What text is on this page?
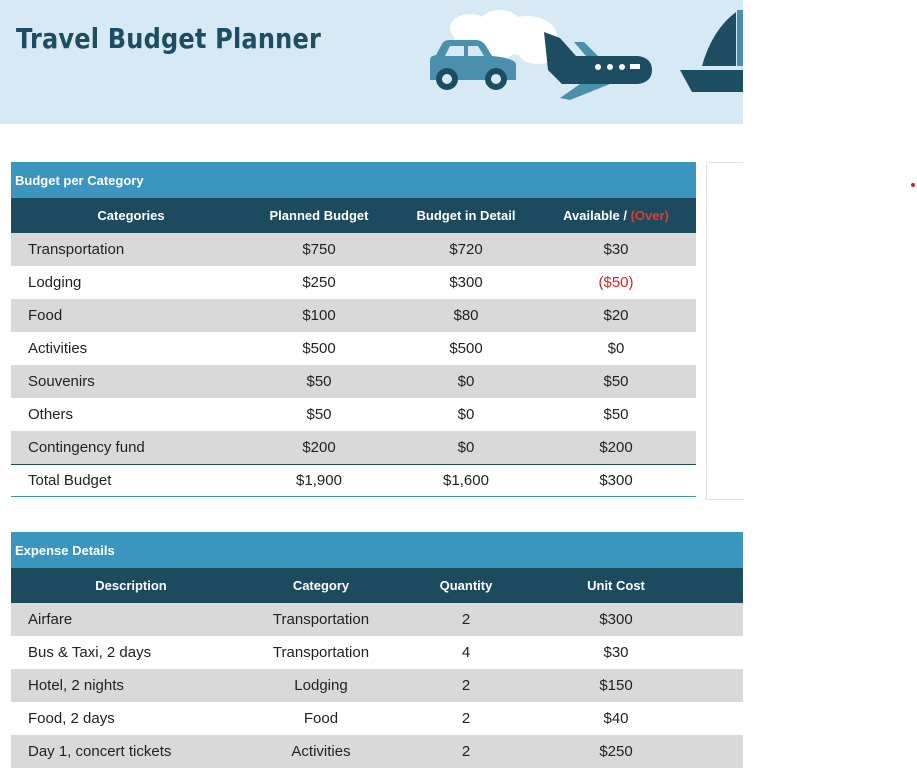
Travel Budget Planner
Budget per Category
Categories	Planned Budget	Budget in Detail	Available / (Over)
Transportation	$750	$720	$30
Lodging	$250	$300	($50)
Food	$100	$80	$20
Activities	$500	$500	$0
Souvenirs	$50	$0	$50
Others	$50	$0	$50
Contingency fund	$200	$0	$200
Total Budget	$1,900	$1,600	$300
Expense Details
Description	Category	Quantity	Unit Cost
Airfare	Transportation	2	$300
Bus & Taxi, 2 days	Transportation	4	$30
Hotel, 2 nights	Lodging	2	$150
Food, 2 days	Food	2	$40
Day 1, concert tickets	Activities	2	$250
